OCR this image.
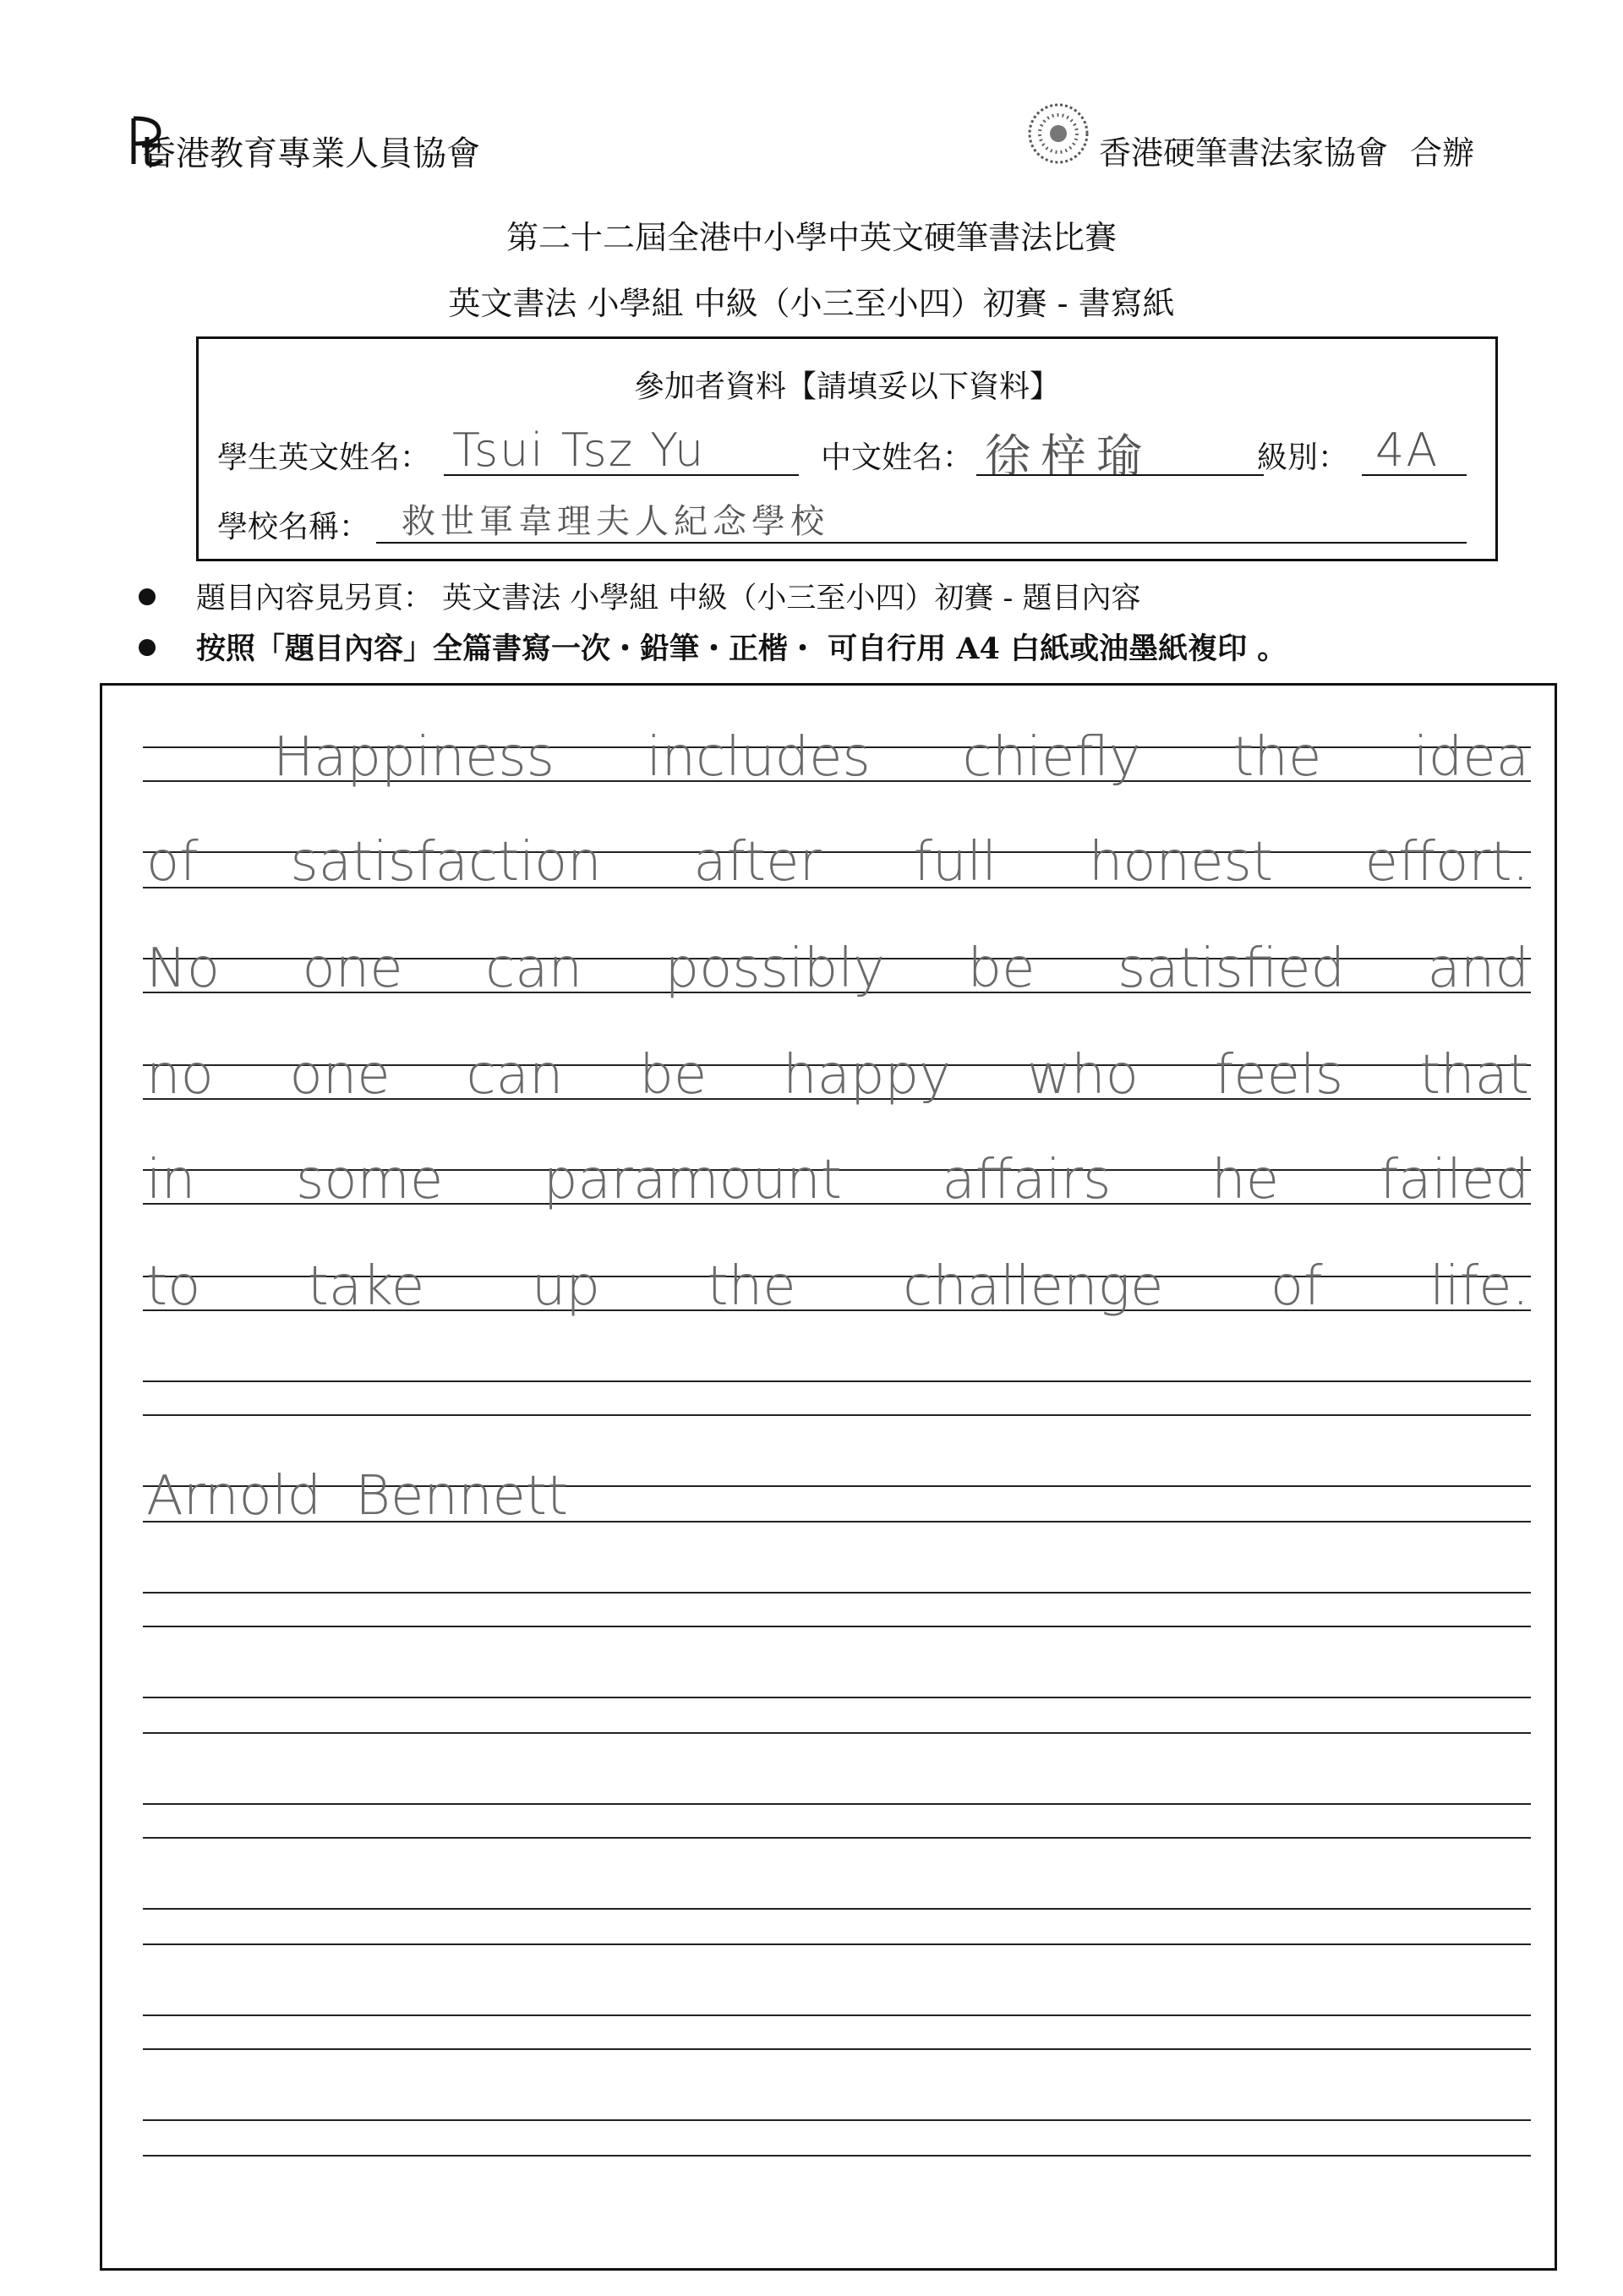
香港教育專業人員協會	香港硬筆書法家協會 合辦
第二十二屆全港中小學中英文硬筆書法比賽
英文書法 小學組 中級（小三至小四）初賽 - 書寫紙
參加者資料【請填妥以下資料】
學生英文姓名： Tsui Tsz Yu	中文姓名： 徐梓瑜	級別： 4A
學校名稱： 救世軍韋理夫人紀念學校
題目內容見另頁： 英文書法 小學組 中級（小三至小四）初賽 - 題目內容
按照「題目內容」全篇書寫一次・鉛筆・正楷・ 可自行用 A4 白紙或油墨紙複印 。
Happiness includes chiefly the idea
of satisfaction after full honest effort.
No one can possibly be satisfied and
no one can be happy who feels that
in some paramount affairs he failed
to take up the challenge of life.
Arnold Bennett
